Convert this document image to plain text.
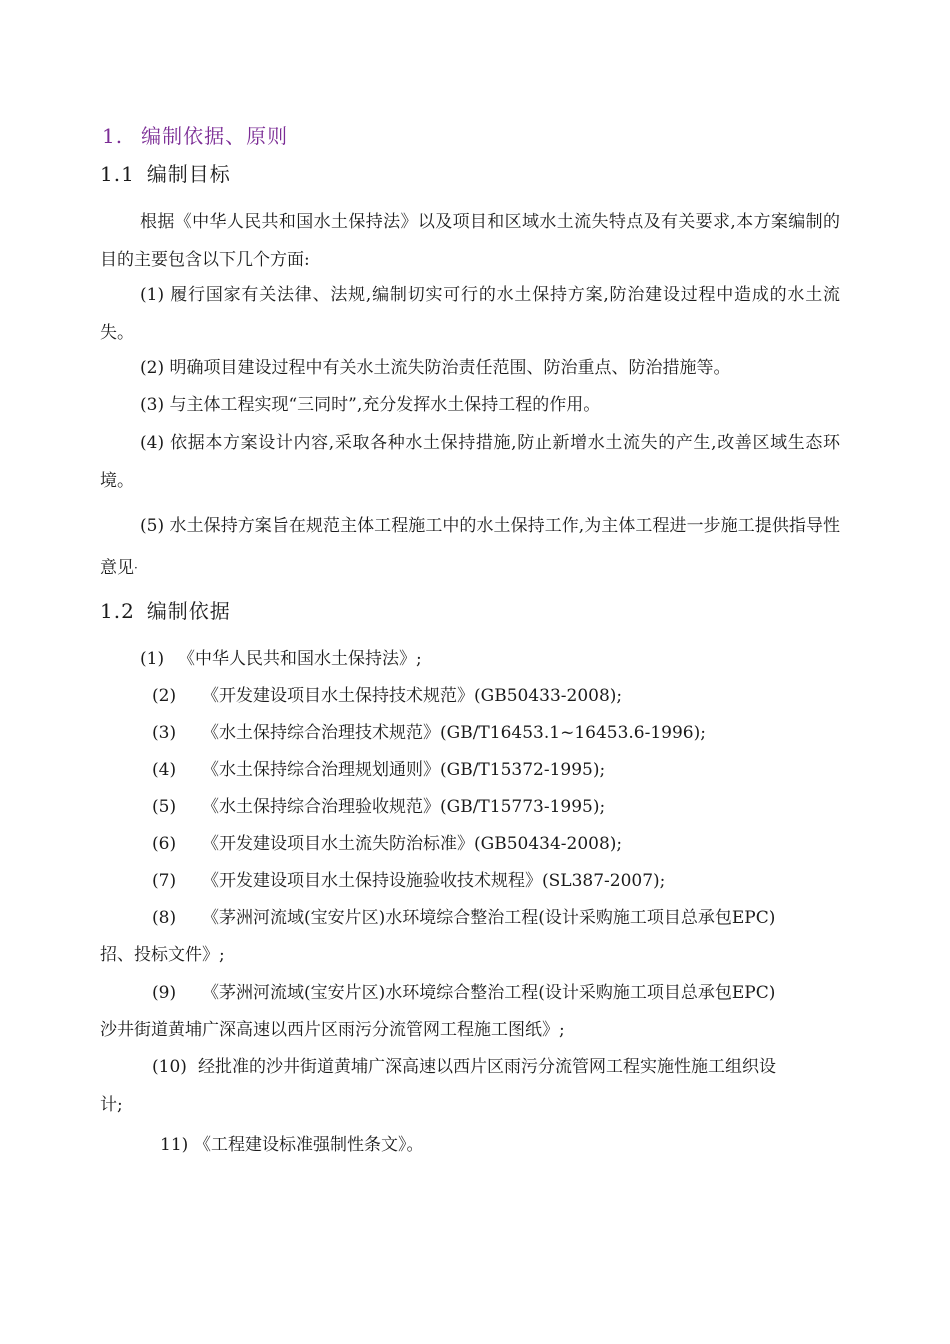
1. 编制依据、原则
1.1 编制目标
根据《中华人民共和国水土保持法》以及项目和区域水土流失特点及有关要求,本方案编制的目的主要包含以下几个方面:
(1) 履行国家有关法律、法规,编制切实可行的水土保持方案,防治建设过程中造成的水土流失。
(2) 明确项目建设过程中有关水土流失防治责任范围、防治重点、防治措施等。
(3) 与主体工程实现“三同时”,充分发挥水土保持工程的作用。
(4) 依据本方案设计内容,采取各种水土保持措施,防止新增水土流失的产生,改善区域生态环境。
(5) 水土保持方案旨在规范主体工程施工中的水土保持工作,为主体工程进一步施工提供指导性意见·
1.2 编制依据
(1) 《中华人民共和国水土保持法》;
(2) 《开发建设项目水土保持技术规范》(GB50433-2008);
(3) 《水土保持综合治理技术规范》(GB/T16453.1~16453.6-1996);
(4) 《水土保持综合治理规划通则》(GB/T15372-1995);
(5) 《水土保持综合治理验收规范》(GB/T15773-1995);
(6) 《开发建设项目水土流失防治标准》(GB50434-2008);
(7) 《开发建设项目水土保持设施验收技术规程》(SL387-2007);
(8) 《茅洲河流域(宝安片区)水环境综合整治工程(设计采购施工项目总承包EPC)
招、投标文件》;
(9) 《茅洲河流域(宝安片区)水环境综合整治工程(设计采购施工项目总承包EPC)
沙井街道黄埔广深高速以西片区雨污分流管网工程施工图纸》;
(10) 经批准的沙井街道黄埔广深高速以西片区雨污分流管网工程实施性施工组织设
计;
11) 《工程建设标准强制性条文》。
